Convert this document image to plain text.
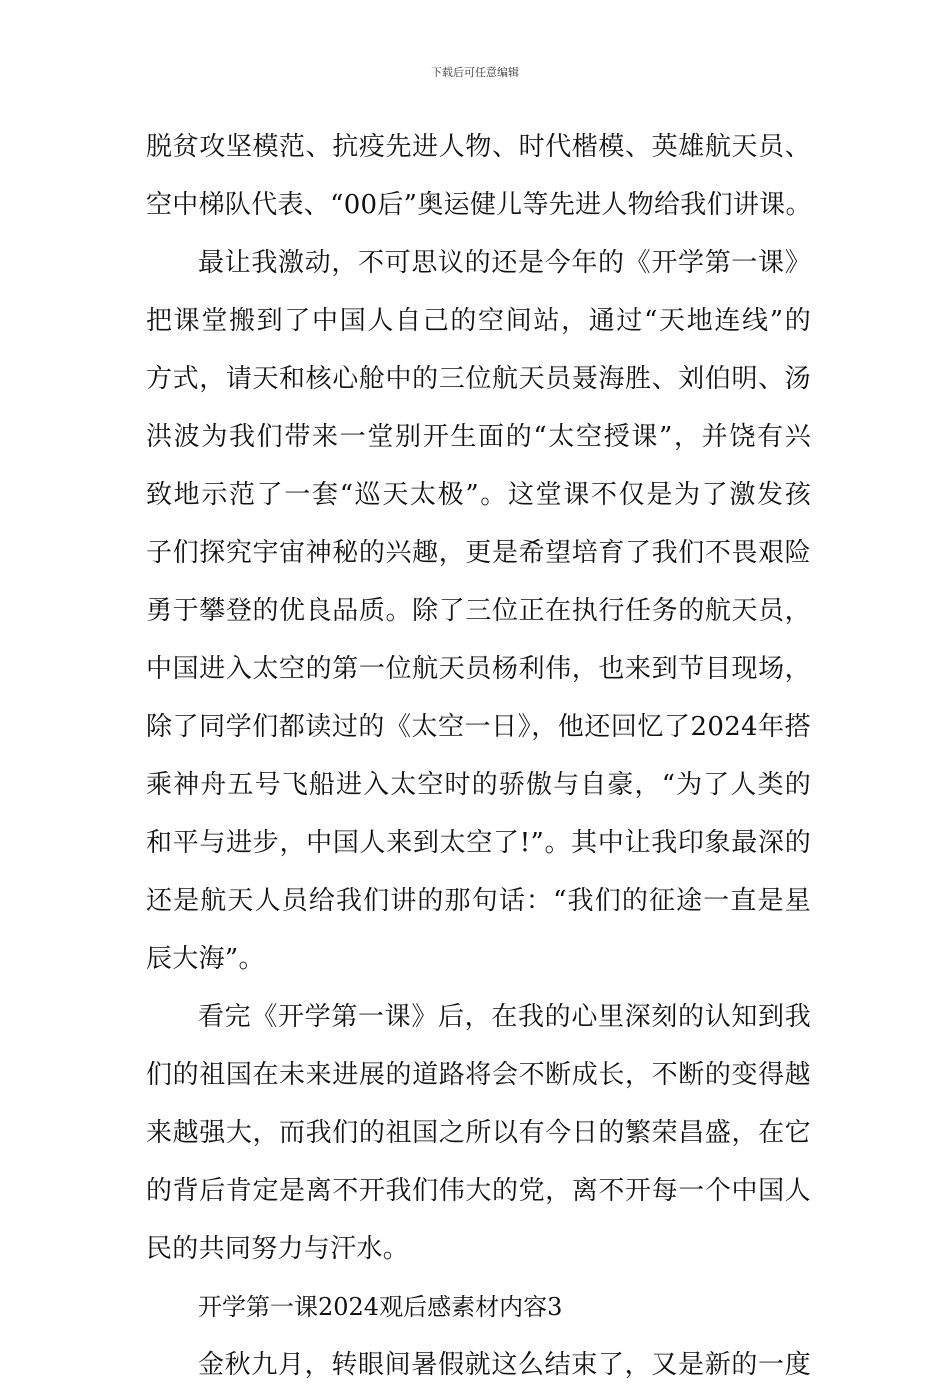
下载后可任意编辑
脱贫攻坚模范、抗疫先进人物、时代楷模、英雄航天员、
空中梯队代表、“00后”奥运健儿等先进人物给我们讲课。
最让我激动，不可思议的还是今年的《开学第一课》
把课堂搬到了中国人自己的空间站，通过“天地连线”的
方式，请天和核心舱中的三位航天员聂海胜、刘伯明、汤
洪波为我们带来一堂别开生面的“太空授课”，并饶有兴
致地示范了一套“巡天太极”。这堂课不仅是为了激发孩
子们探究宇宙神秘的兴趣，更是希望培育了我们不畏艰险
勇于攀登的优良品质。除了三位正在执行任务的航天员，
中国进入太空的第一位航天员杨利伟，也来到节目现场，
除了同学们都读过的《太空一日》，他还回忆了2024年搭
乘神舟五号飞船进入太空时的骄傲与自豪，“为了人类的
和平与进步，中国人来到太空了!”。其中让我印象最深的
还是航天人员给我们讲的那句话：“我们的征途一直是星
辰大海”。
看完《开学第一课》后，在我的心里深刻的认知到我
们的祖国在未来进展的道路将会不断成长，不断的变得越
来越强大，而我们的祖国之所以有今日的繁荣昌盛，在它
的背后肯定是离不开我们伟大的党，离不开每一个中国人
民的共同努力与汗水。
开学第一课2024观后感素材内容3
金秋九月，转眼间暑假就这么结束了，又是新的一度
